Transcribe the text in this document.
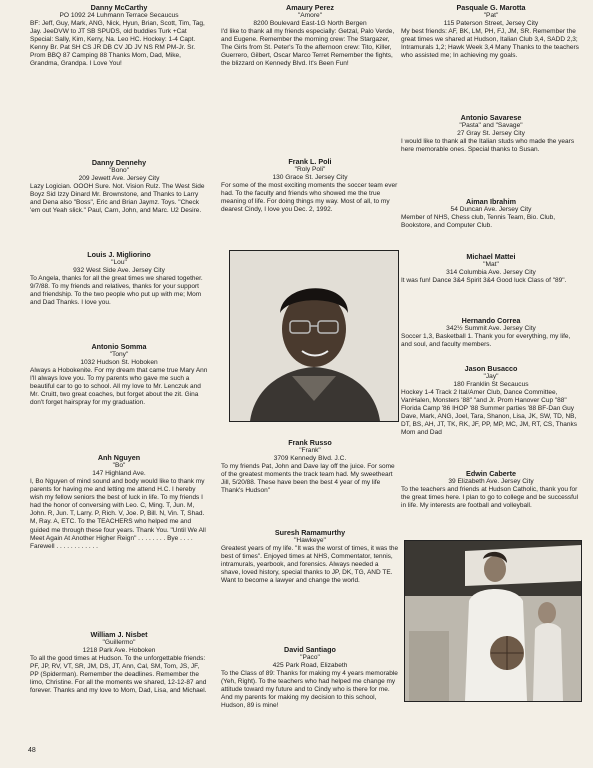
Danny McCarthy
PO 1092 24 Luhmann Terrace Secaucus

BF: Jeff, Guy, Mark, ANG, Nick, Hyun, Brian, Scott, Tim, Tag, Jay. JeeDVW to JT SB SPUDS, old buddies Turk +Cat Special: Sally, Kim, Kerry, Na. Leo HC. Hockey: 1-4 Capt. Kenny Br. Pat SH CS JR DB CV JD JV NS RM PM-Jr. Sr. Prom BBQ 87 Camping 88 Thanks Mom, Dad, Mike, Grandma, Grandpa. I Love You!

Danny Dennehy
"Bono"
209 Jewett Ave. Jersey City

Lazy Logician. OOOH Sure. Not. Vision Rulz. The West Side Boyz Sid Izzy Dinard Mr. Brownstone, and Thanks to Larry and Dena also "Boss", Eric and Brian Jaymz. Toys. "Check 'em out Yeah slick." Paul, Carn, John, and Marc. U2 Desire.

Louis J. Migliorino
"Lou"
932 West Side Ave. Jersey City

To Angela, thanks for all the great times we shared together. 9/7/88. To my friends and relatives, thanks for your support and friendship. To the two people who put up with me; Mom and Dad Thanks. I love you.

Antonio Somma
"Tony"
1032 Hudson St. Hoboken

Always a Hobokenite. For my dream that came true Mary Ann I'll always love you. To my parents who gave me such a beautiful car to go to school. All my love to Mr. Lenczuk and Mr. Cruitt, two great coaches, but forget about the zit. Gina don't forget hairspray for my graduation.

Anh Nguyen
"Bo"
147 Highland Ave.

I, Bo Nguyen of mind sound and body would like to thank my parents for having me and letting me attend H.C. I hereby wish my fellow seniors the best of luck in life. To my friends I had the honor of conversing with Leo. C, Ming. T, Jun. M, John. R, Jun. T, Larry. P, Rich. V, Joe. P, Bill. N, Vin. T, Shad. M, Ray. A, ETC. To the TEACHERS who helped me and guided me through these four years. Thank You. "Until We All Meet Again At Another Higher Reign" . . . . . . . . Bye . . . . Farewell . . . . . . . . . . . .

William J. Nisbet
"Guillermo"
1218 Park Ave. Hoboken

To all the good times at Hudson. To the unforgettable friends: PF, JP, RV, VT, SR, JM, DS, JT, Ann, Cal, SM, Tom, JS, JF, PP (Spiderman). Remember the deadlines. Remember the limo, Christine. For all the moments we shared, 12-12-87 and forever. Thanks and my love to Mom, Dad, Lisa, and Michael.

Amaury Perez
"Amore"
8200 Boulevard East-1G North Bergen

I'd like to thank all my friends especially: Getzal, Palo Verde, and Eugene. Remember the morning crew: The Stargazer, The Girls from St. Peter's To the afternoon crew: Tito, Killer, Guerrero, Gilbert, Oscar Marco Terret Remember the fights, the blizzard on Kennedy Blvd. It's Been Fun!

Frank L. Poli
"Roly Poli"
130 Grace St. Jersey City

For some of the most exciting moments the soccer team ever had. To the faculty and friends who showed me the true meaning of life. For doing things my way. Most of all, to my dearest Cindy, I love you Dec. 2, 1992.

Frank Russo
"Frank"
3709 Kennedy Blvd. J.C.

To my friends Pat, John and Dave lay off the juice. For some of the greatest moments the track team had. My sweetheart Jill, 5/20/88. These have been the best 4 year of my life Thank's Hudson"

Suresh Ramamurthy
"Hawkeye"

Greatest years of my life. "It was the worst of times, it was the best of times". Enjoyed times at NHS, Commentator, tennis, intramurals, yearbook, and forensics. Always needed a shave, loved history, special thanks to JP, DK, TG, AND TE. Want to become a lawyer and change the world.

David Santiago
"Paco"
425 Park Road, Elizabeth

To the Class of 89: Thanks for making my 4 years memorable (Yeh, Right). To the teachers who had helped me change my attitude toward my future and to Cindy who is there for me. And my parents for making my decision to this school, Hudson, 89 is mine!

Pasquale G. Marotta
"Pat"
115 Paterson Street, Jersey City

My best friends: AF, BK, LM, PH, FJ, JM, SR. Remember the great times we shared at Hudson, Italian Club 3,4, SADD 2,3; Intramurals 1,2; Hawk Week 3,4 Many Thanks to the teachers who assisted me; In achieving my goals.

Antonio Savarese
"Pasta" and "Savage"
27 Gray St. Jersey City

I would like to thank all the Italian studs who made the years here memorable ones. Special thanks to Susan.

Aiman Ibrahim
54 Duncan Ave. Jersey City

Member of NHS, Chess club, Tennis Team, Bio. Club, Bookstore, and Computer Club.

Michael Mattei
"Mat"
314 Columbia Ave. Jersey City

It was fun! Dance 3&4 Spirit 3&4 Good luck Class of "89".

Hernando Correa
342½ Summit Ave. Jersey City

Soccer 1,3, Basketball 1. Thank you for everything, my life, and soul, and faculty members.

Jason Busacco
"Jay"
180 Franklin St Secaucus

Hockey 1-4 Track 2 Ital/Amer Club, Dance Committee, VanHalen, Monsters '88" "and Jr. Prom Hanover Cup "88" Florida Camp '86 IHOP '88 Summer parties '88 BF-Dan Guy Dave, Mark, ANG, Joel, Tara, Shanon, Lisa, JK, SW, TD, NB, DT, BS, AH, JT, TK, RK, JF, PP, MP, MC, JM, RT, CS, Thanks Mom and Dad

Edwin Caberte
39 Elizabeth Ave. Jersey City

To the teachers and friends at Hudson Catholic, thank you for the great times here. I plan to go to college and be successful in life. My interests are football and volleyball.

48
